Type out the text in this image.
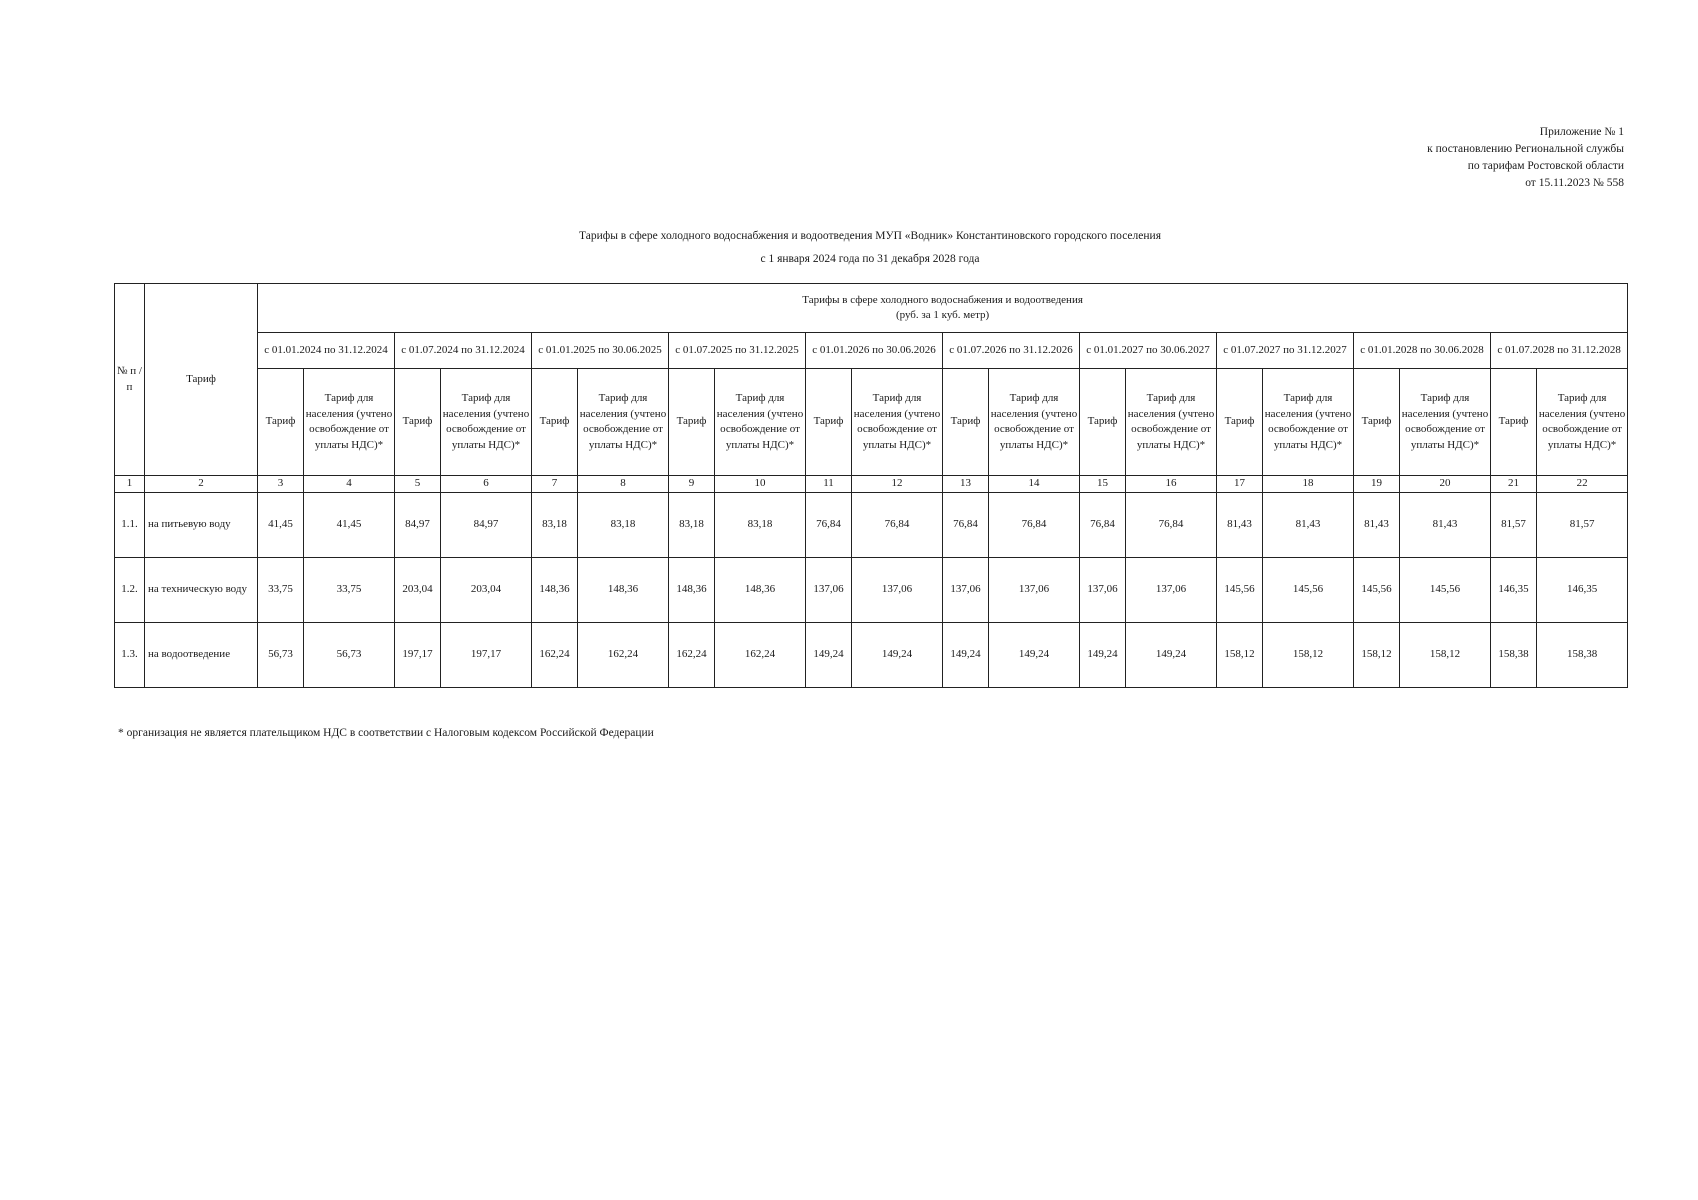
Приложение № 1
к постановлению Региональной службы
по тарифам Ростовской области
от 15.11.2023 № 558
Тарифы в сфере холодного водоснабжения и водоотведения МУП «Водник» Константиновского городского поселения
с 1 января 2024 года по 31 декабря 2028 года
№ п /п	Тариф	Тарифы в сфере холодного водоснабжения и водоотведения
(руб. за 1 куб. метр)																			

		с 01.01.2024 по 31.12.2024		с 01.07.2024 по 31.12.2024		с 01.01.2025 по 30.06.2025		с 01.07.2025 по 31.12.2025		с 01.01.2026 по 30.06.2026		с 01.07.2026 по 31.12.2026		с 01.01.2027 по 30.06.2027		с 01.07.2027 по 31.12.2027		с 01.01.2028 по 30.06.2028		с 01.07.2028 по 31.12.2028	
		Тариф	Тариф для населения (учтено освобождение от уплаты НДС)*	Тариф	Тариф для населения (учтено освобождение от уплаты НДС)*	Тариф	Тариф для населения (учтено освобождение от уплаты НДС)*	Тариф	Тариф для населения (учтено освобождение от уплаты НДС)*	Тариф	Тариф для населения (учтено освобождение от уплаты НДС)*	Тариф	Тариф для населения (учтено освобождение от уплаты НДС)*	Тариф	Тариф для населения (учтено освобождение от уплаты НДС)*	Тариф	Тариф для населения (учтено освобождение от уплаты НДС)*	Тариф	Тариф для населения (учтено освобождение от уплаты НДС)*	Тариф	Тариф для населения (учтено освобождение от уплаты НДС)*
1	2	3	4	5	6	7	8	9	10	11	12	13	14	15	16	17	18	19	20	21	22
1.1.	на питьевую воду	41,45	41,45	84,97	84,97	83,18	83,18	83,18	83,18	76,84	76,84	76,84	76,84	76,84	76,84	81,43	81,43	81,43	81,43	81,57	81,57
1.2.	на техническую воду	33,75	33,75	203,04	203,04	148,36	148,36	148,36	148,36	137,06	137,06	137,06	137,06	137,06	137,06	145,56	145,56	145,56	145,56	146,35	146,35
1.3.	на водоотведение	56,73	56,73	197,17	197,17	162,24	162,24	162,24	162,24	149,24	149,24	149,24	149,24	149,24	149,24	158,12	158,12	158,12	158,12	158,38	158,38
* организация не является плательщиком НДС в соответствии с Налоговым кодексом Российской Федерации
